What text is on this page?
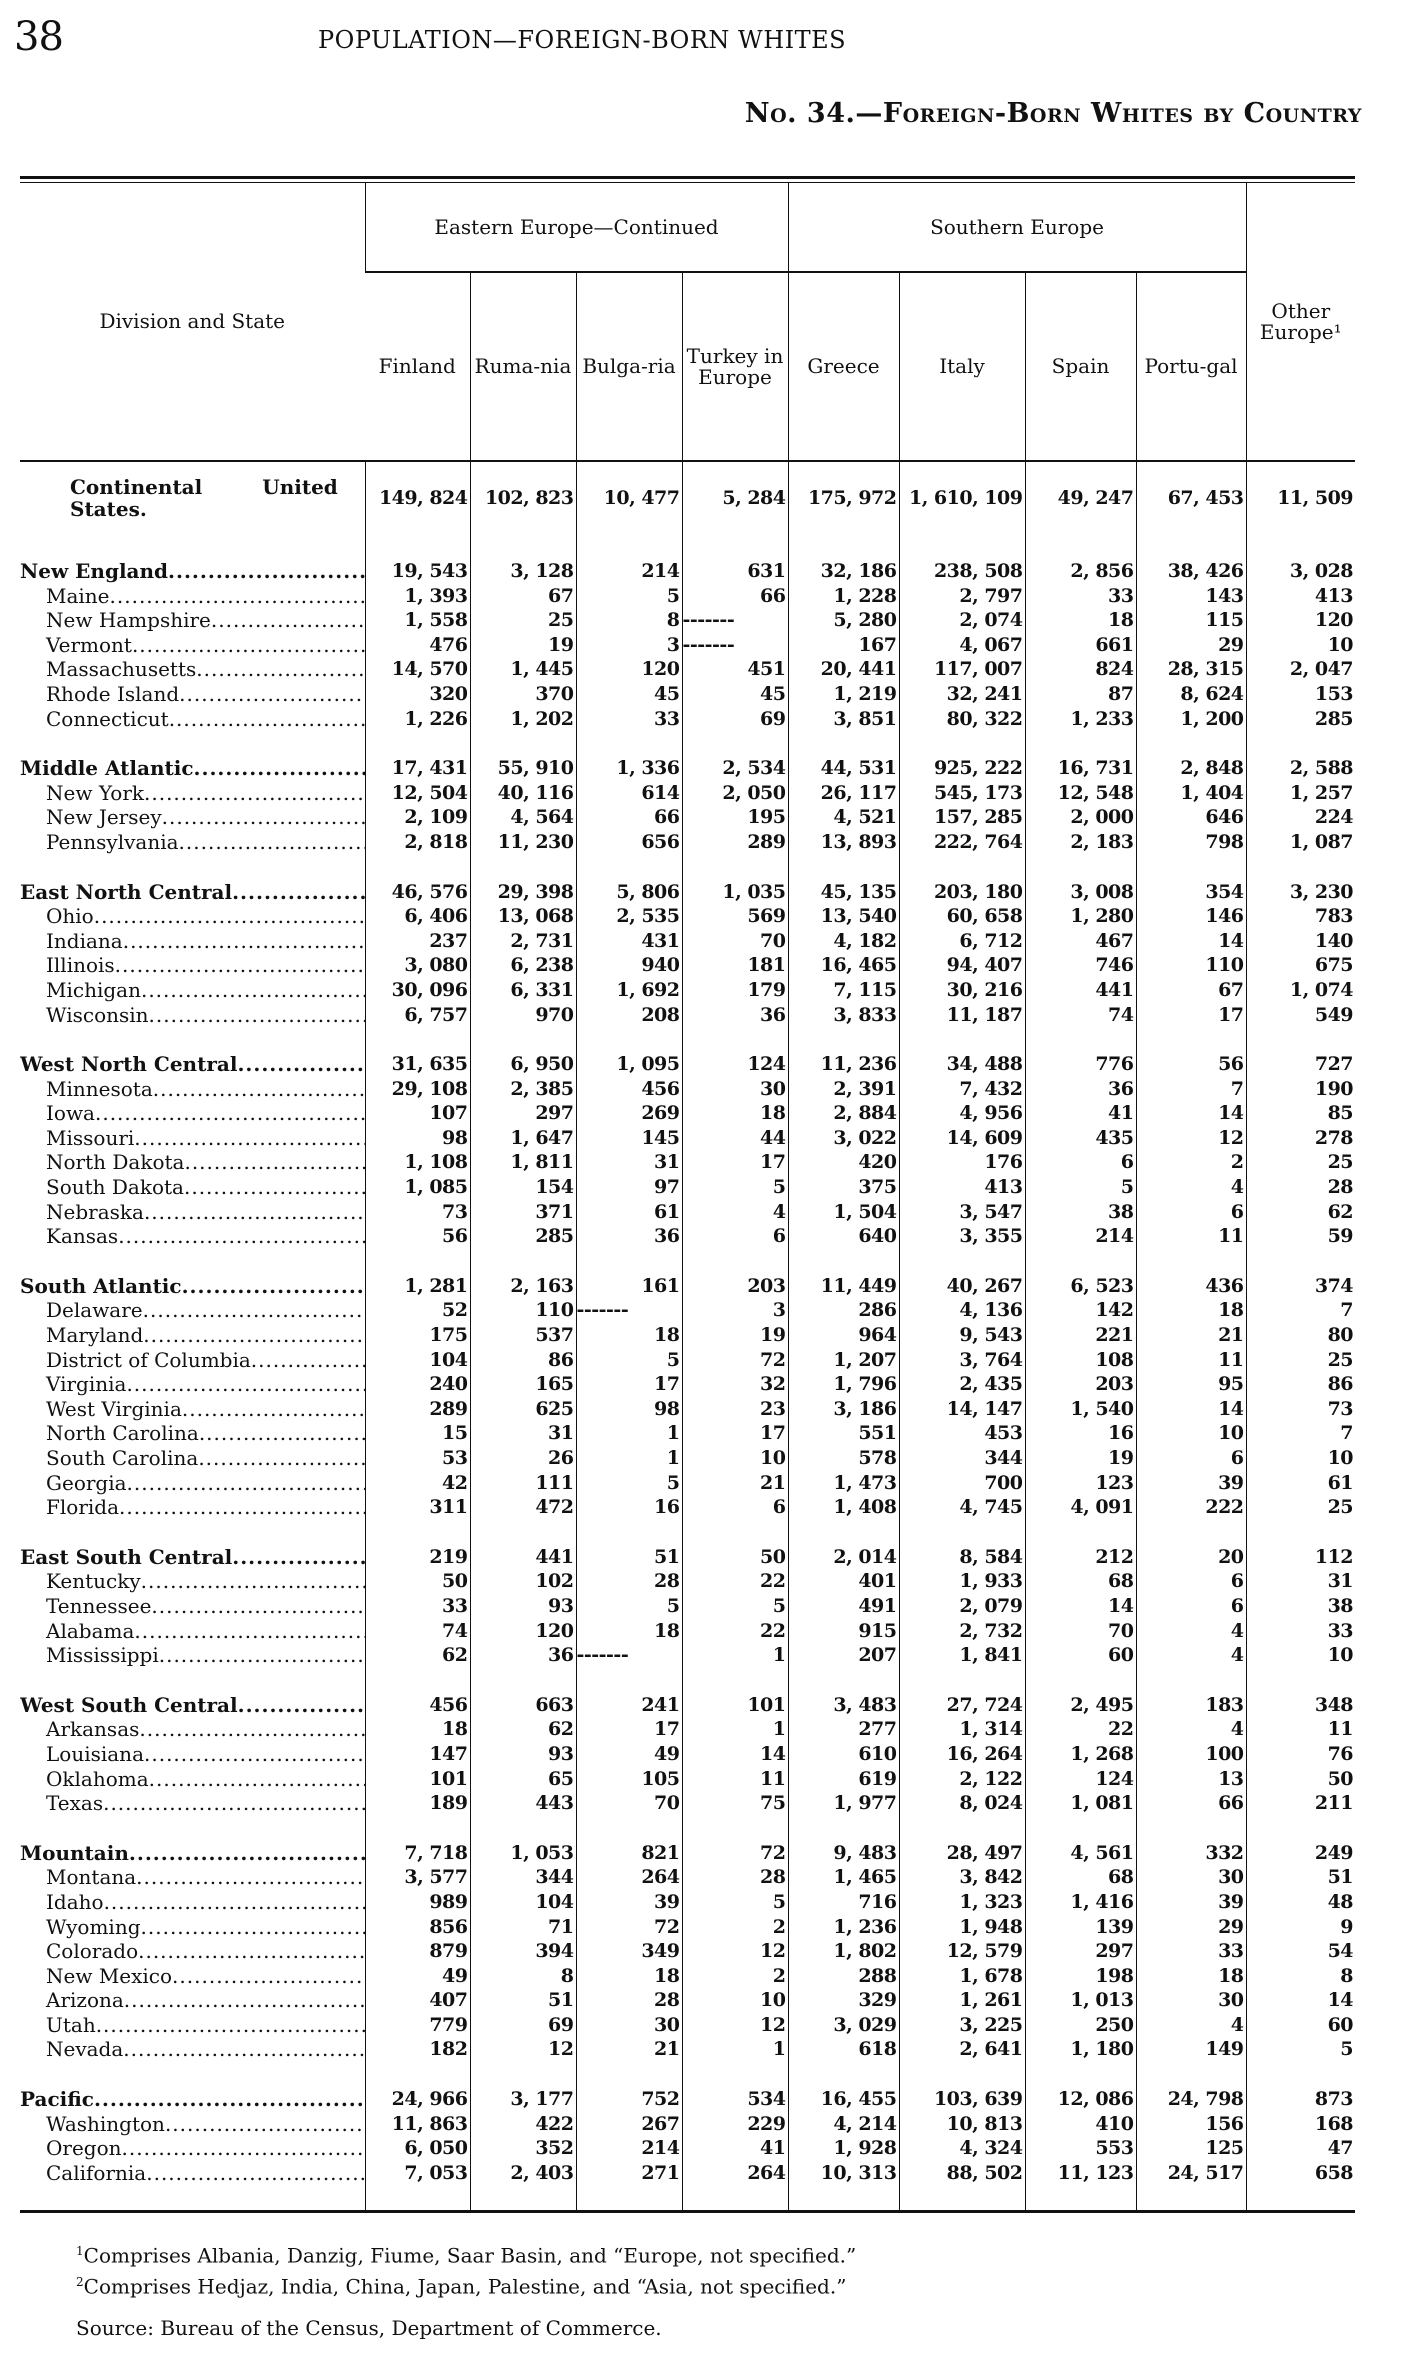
38	POPULATION—FOREIGN-BORN WHITES
No. 34.—Foreign-Born Whites by Country
Division and State	Eastern Europe—Continued				Southern Europe				Other Europe¹
	Finland	Ruma-nia	Bulga-ria	Turkey in Europe	Greece	Italy	Spain	Portu-gal	
Continental United
States.	149, 824	102, 823	10, 477	5, 284	175, 972	1, 610, 109	49, 247	67, 453	11, 509

New England .....	19, 543	3, 128	214	631	32, 186	238, 508	2, 856	38, 426	3, 028
Maine .....	1, 393	67	5	66	1, 228	2, 797	33	143	413
New Hampshire .....	1, 558	25	8	-------	5, 280	2, 074	18	115	120
Vermont .....	476	19	3	-------	167	4, 067	661	29	10
Massachusetts .....	14, 570	1, 445	120	451	20, 441	117, 007	824	28, 315	2, 047
Rhode Island .....	320	370	45	45	1, 219	32, 241	87	8, 624	153
Connecticut .....	1, 226	1, 202	33	69	3, 851	80, 322	1, 233	1, 200	285

Middle Atlantic .....	17, 431	55, 910	1, 336	2, 534	44, 531	925, 222	16, 731	2, 848	2, 588
New York .....	12, 504	40, 116	614	2, 050	26, 117	545, 173	12, 548	1, 404	1, 257
New Jersey .....	2, 109	4, 564	66	195	4, 521	157, 285	2, 000	646	224
Pennsylvania .....	2, 818	11, 230	656	289	13, 893	222, 764	2, 183	798	1, 087

East North Central .....	46, 576	29, 398	5, 806	1, 035	45, 135	203, 180	3, 008	354	3, 230
Ohio .....	6, 406	13, 068	2, 535	569	13, 540	60, 658	1, 280	146	783
Indiana .....	237	2, 731	431	70	4, 182	6, 712	467	14	140
Illinois .....	3, 080	6, 238	940	181	16, 465	94, 407	746	110	675
Michigan .....	30, 096	6, 331	1, 692	179	7, 115	30, 216	441	67	1, 074
Wisconsin .....	6, 757	970	208	36	3, 833	11, 187	74	17	549

West North Central .....	31, 635	6, 950	1, 095	124	11, 236	34, 488	776	56	727
Minnesota .....	29, 108	2, 385	456	30	2, 391	7, 432	36	7	190
Iowa .....	107	297	269	18	2, 884	4, 956	41	14	85
Missouri .....	98	1, 647	145	44	3, 022	14, 609	435	12	278
North Dakota .....	1, 108	1, 811	31	17	420	176	6	2	25
South Dakota .....	1, 085	154	97	5	375	413	5	4	28
Nebraska .....	73	371	61	4	1, 504	3, 547	38	6	62
Kansas .....	56	285	36	6	640	3, 355	214	11	59

South Atlantic .....	1, 281	2, 163	161	203	11, 449	40, 267	6, 523	436	374
Delaware .....	52	110	-------	3	286	4, 136	142	18	7
Maryland .....	175	537	18	19	964	9, 543	221	21	80
District of Columbia .....	104	86	5	72	1, 207	3, 764	108	11	25
Virginia .....	240	165	17	32	1, 796	2, 435	203	95	86
West Virginia .....	289	625	98	23	3, 186	14, 147	1, 540	14	73
North Carolina .....	15	31	1	17	551	453	16	10	7
South Carolina .....	53	26	1	10	578	344	19	6	10
Georgia .....	42	111	5	21	1, 473	700	123	39	61
Florida .....	311	472	16	6	1, 408	4, 745	4, 091	222	25

East South Central .....	219	441	51	50	2, 014	8, 584	212	20	112
Kentucky .....	50	102	28	22	401	1, 933	68	6	31
Tennessee .....	33	93	5	5	491	2, 079	14	6	38
Alabama .....	74	120	18	22	915	2, 732	70	4	33
Mississippi .....	62	36	-------	1	207	1, 841	60	4	10

West South Central .....	456	663	241	101	3, 483	27, 724	2, 495	183	348
Arkansas .....	18	62	17	1	277	1, 314	22	4	11
Louisiana .....	147	93	49	14	610	16, 264	1, 268	100	76
Oklahoma .....	101	65	105	11	619	2, 122	124	13	50
Texas .....	189	443	70	75	1, 977	8, 024	1, 081	66	211

Mountain .....	7, 718	1, 053	821	72	9, 483	28, 497	4, 561	332	249
Montana .....	3, 577	344	264	28	1, 465	3, 842	68	30	51
Idaho .....	989	104	39	5	716	1, 323	1, 416	39	48
Wyoming .....	856	71	72	2	1, 236	1, 948	139	29	9
Colorado .....	879	394	349	12	1, 802	12, 579	297	33	54
New Mexico .....	49	8	18	2	288	1, 678	198	18	8
Arizona .....	407	51	28	10	329	1, 261	1, 013	30	14
Utah .....	779	69	30	12	3, 029	3, 225	250	4	60
Nevada .....	182	12	21	1	618	2, 641	1, 180	149	5

Pacific .....	24, 966	3, 177	752	534	16, 455	103, 639	12, 086	24, 798	873
Washington .....	11, 863	422	267	229	4, 214	10, 813	410	156	168
Oregon .....	6, 050	352	214	41	1, 928	4, 324	553	125	47
California .....	7, 053	2, 403	271	264	10, 313	88, 502	11, 123	24, 517	658

$^1$Comprises Albania, Danzig, Fiume, Saar Basin, and “Europe, not specified.”
$^2$Comprises Hedjaz, India, China, Japan, Palestine, and “Asia, not specified.”
Source: Bureau of the Census, Department of Commerce.
